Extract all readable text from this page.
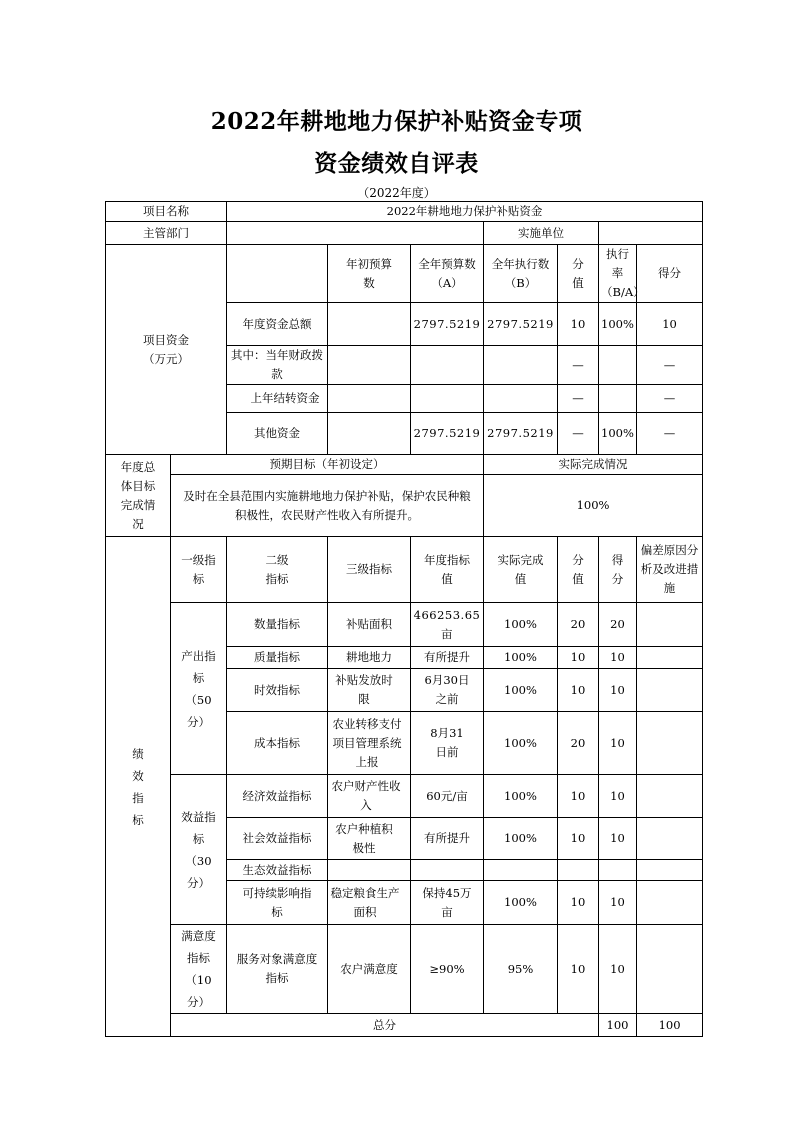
2022年耕地地力保护补贴资金专项
资金绩效自评表
（2022年度）
项目名称		2022年耕地地力保护补贴资金							
主管部门					实施单位				
项目资金（万元）			年初预算数	全年预算数（A）	全年执行数（B）	分值	执行率（B/A）	得分	
		年度资金总额		2797.5219	2797.5219	10	100%	10	
		其中：当年财政拨款				—		—	
		上年结转资金				—		—	
		其他资金		2797.5219	2797.5219	—	100%	—	
年度总体目标完成情况	预期目标（年初设定）				实际完成情况				
	及时在全县范围内实施耕地地力保护补贴，保护农民种粮积极性，农民财产性收入有所提升。				100%				
绩效指标	一级指标	二级指标	三级指标	年度指标值	实际完成值	分值	得分	偏差原因分析及改进措施	
	产出指标（50分）	数量指标	补贴面积	466253.65亩	100%	20	20		
		质量指标	耕地地力	有所提升	100%	10	10		
		时效指标	补贴发放时限	6月30日之前	100%	10	10		
		成本指标	农业转移支付项目管理系统上报	8月31日前	100%	20	10		
	效益指标（30分）	经济效益指标	农户财产性收入	60元/亩	100%	10	10		
		社会效益指标	农户种植积极性	有所提升	100%	10	10		
		生态效益指标							
		可持续影响指标	稳定粮食生产面积	保持45万亩	100%	10	10		
	满意度指标（10分）	服务对象满意度指标	农户满意度	≥90%	95%	10	10		
	总分						100	100	
